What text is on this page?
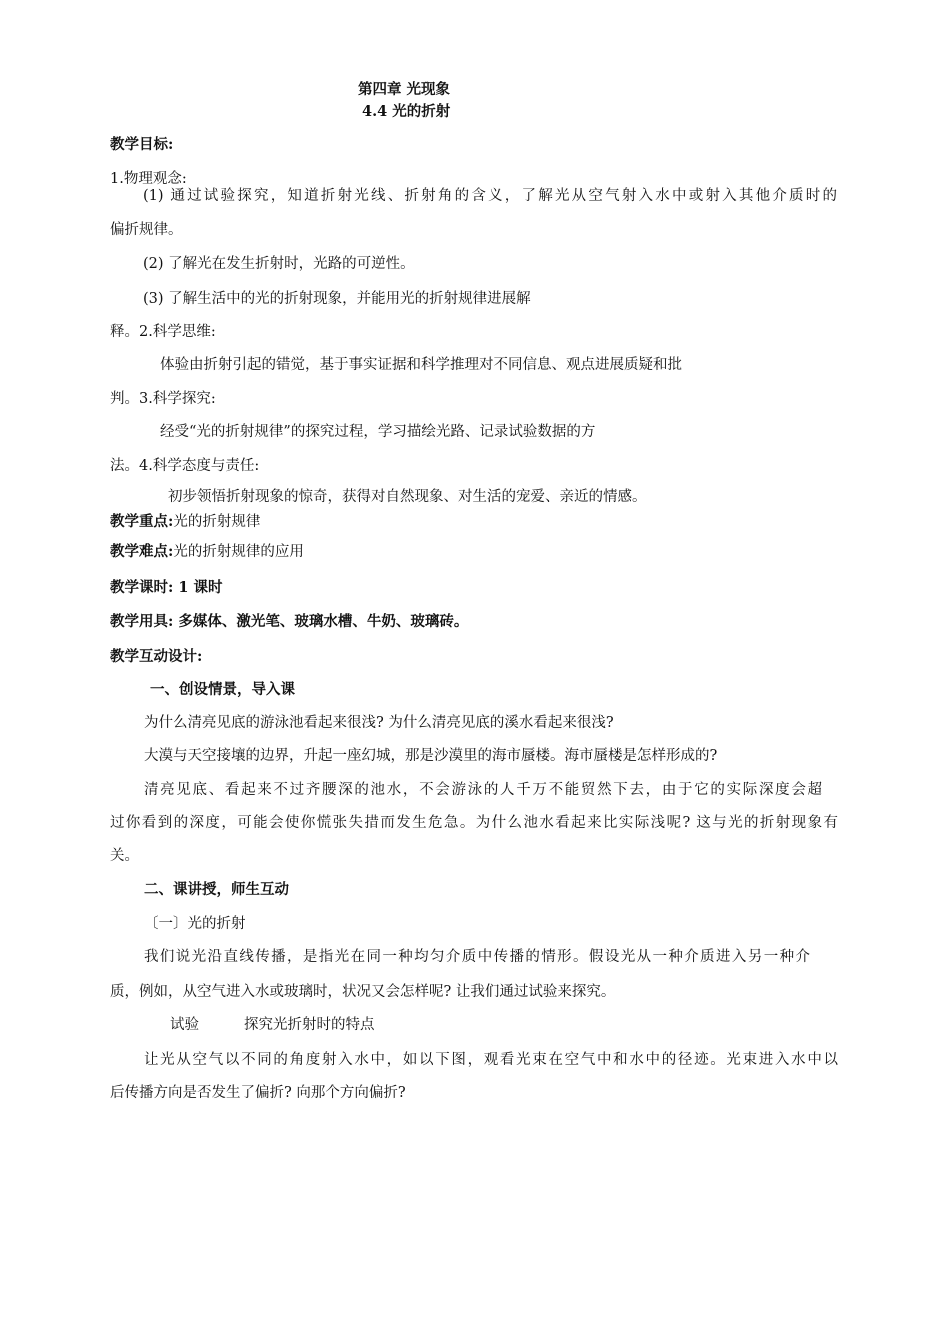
第四章 光现象
4.4 光的折射
教学目标:
1.物理观念:
(1) 通过试验探究，知道折射光线、折射角的含义，了解光从空气射入水中或射入其他介质时的
偏折规律。
(2) 了解光在发生折射时，光路的可逆性。
(3) 了解生活中的光的折射现象，并能用光的折射规律进展解
释。2.科学思维:
体验由折射引起的错觉，基于事实证据和科学推理对不同信息、观点进展质疑和批
判。3.科学探究:
经受“光的折射规律”的探究过程，学习描绘光路、记录试验数据的方
法。4.科学态度与责任:
初步领悟折射现象的惊奇，获得对自然现象、对生活的宠爱、亲近的情感。
教学重点:光的折射规律
教学难点:光的折射规律的应用
教学课时: 1 课时
教学用具: 多媒体、激光笔、玻璃水槽、牛奶、玻璃砖。
教学互动设计:
一、创设情景，导入课
为什么清亮见底的游泳池看起来很浅? 为什么清亮见底的溪水看起来很浅?
大漠与天空接壤的边界，升起一座幻城，那是沙漠里的海市蜃楼。海市蜃楼是怎样形成的?
清亮见底、看起来不过齐腰深的池水，不会游泳的人千万不能贸然下去，由于它的实际深度会超
过你看到的深度，可能会使你慌张失措而发生危急。为什么池水看起来比实际浅呢? 这与光的折射现象有
关。
二、课讲授，师生互动
〔一〕光的折射
我们说光沿直线传播，是指光在同一种均匀介质中传播的情形。假设光从一种介质进入另一种介
质，例如，从空气进入水或玻璃时，状况又会怎样呢? 让我们通过试验来探究。
试验	探究光折射时的特点
让光从空气以不同的角度射入水中，如以下图，观看光束在空气中和水中的径迹。光束进入水中以
后传播方向是否发生了偏折? 向那个方向偏折?
